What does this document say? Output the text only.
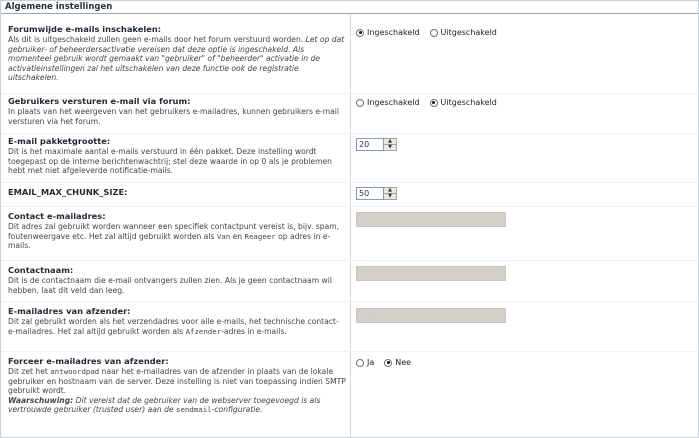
Algemene instellingen
Forumwijde e-mails inschakelen:
Als dit is uitgeschakeld zullen geen e-mails door het forum verstuurd worden. Let op dat gebruiker- of beheerdersactivatie vereisen dat deze optie is ingeschakeld. Als momenteel gebruik wordt gemaakt van "gebruiker" of "beheerder" activatie in de activatieinstellingen zal het uitschakelen van deze functie ook de registratie uitschakelen.
Ingeschakeld	Uitgeschakeld
Gebruikers versturen e-mail via forum:
In plaats van het weergeven van het gebruikers e-mailadres, kunnen gebruikers e-mail versturen via het forum.
Ingeschakeld	Uitgeschakeld
E-mail pakketgrootte:
Dit is het maximale aantal e-mails verstuurd in één pakket. Deze instelling wordt toegepast op de interne berichtenwachtrij; stel deze waarde in op 0 als je problemen hebt met niet afgeleverde notificatie-mails.
20	▲
▼
EMAIL_MAX_CHUNK_SIZE:	50	▲
▼
Contact e-mailadres:
Dit adres zal gebruikt worden wanneer een specifiek contactpunt vereist is, bijv. spam, foutenweergave etc. Het zal altijd gebruikt worden als Van en Reageer op adres in e-mails.
.
Contactnaam:
Dit is de contactnaam die e-mail ontvangers zullen zien. Als je geen contactnaam wil hebben, laat dit veld dan leeg.
E-mailadres van afzender:
Dit zal gebruikt worden als het verzendadres voor alle e-mails, het technische contact-e-mailadres. Het zal altijd gebruikt worden als Afzender-adres in e-mails.
- .
Forceer e-mailadres van afzender:
Dit zet het antwoordpad naar het e-mailadres van de afzender in plaats van de lokale gebruiker en hostnaam van de server. Deze instelling is niet van toepassing indien SMTP gebruikt wordt.
Waarschuwing: Dit vereist dat de gebruiker van de webserver toegevoegd is als vertrouwde gebruiker (trusted user) aan de sendmail-configuratie.
Ja	Nee
